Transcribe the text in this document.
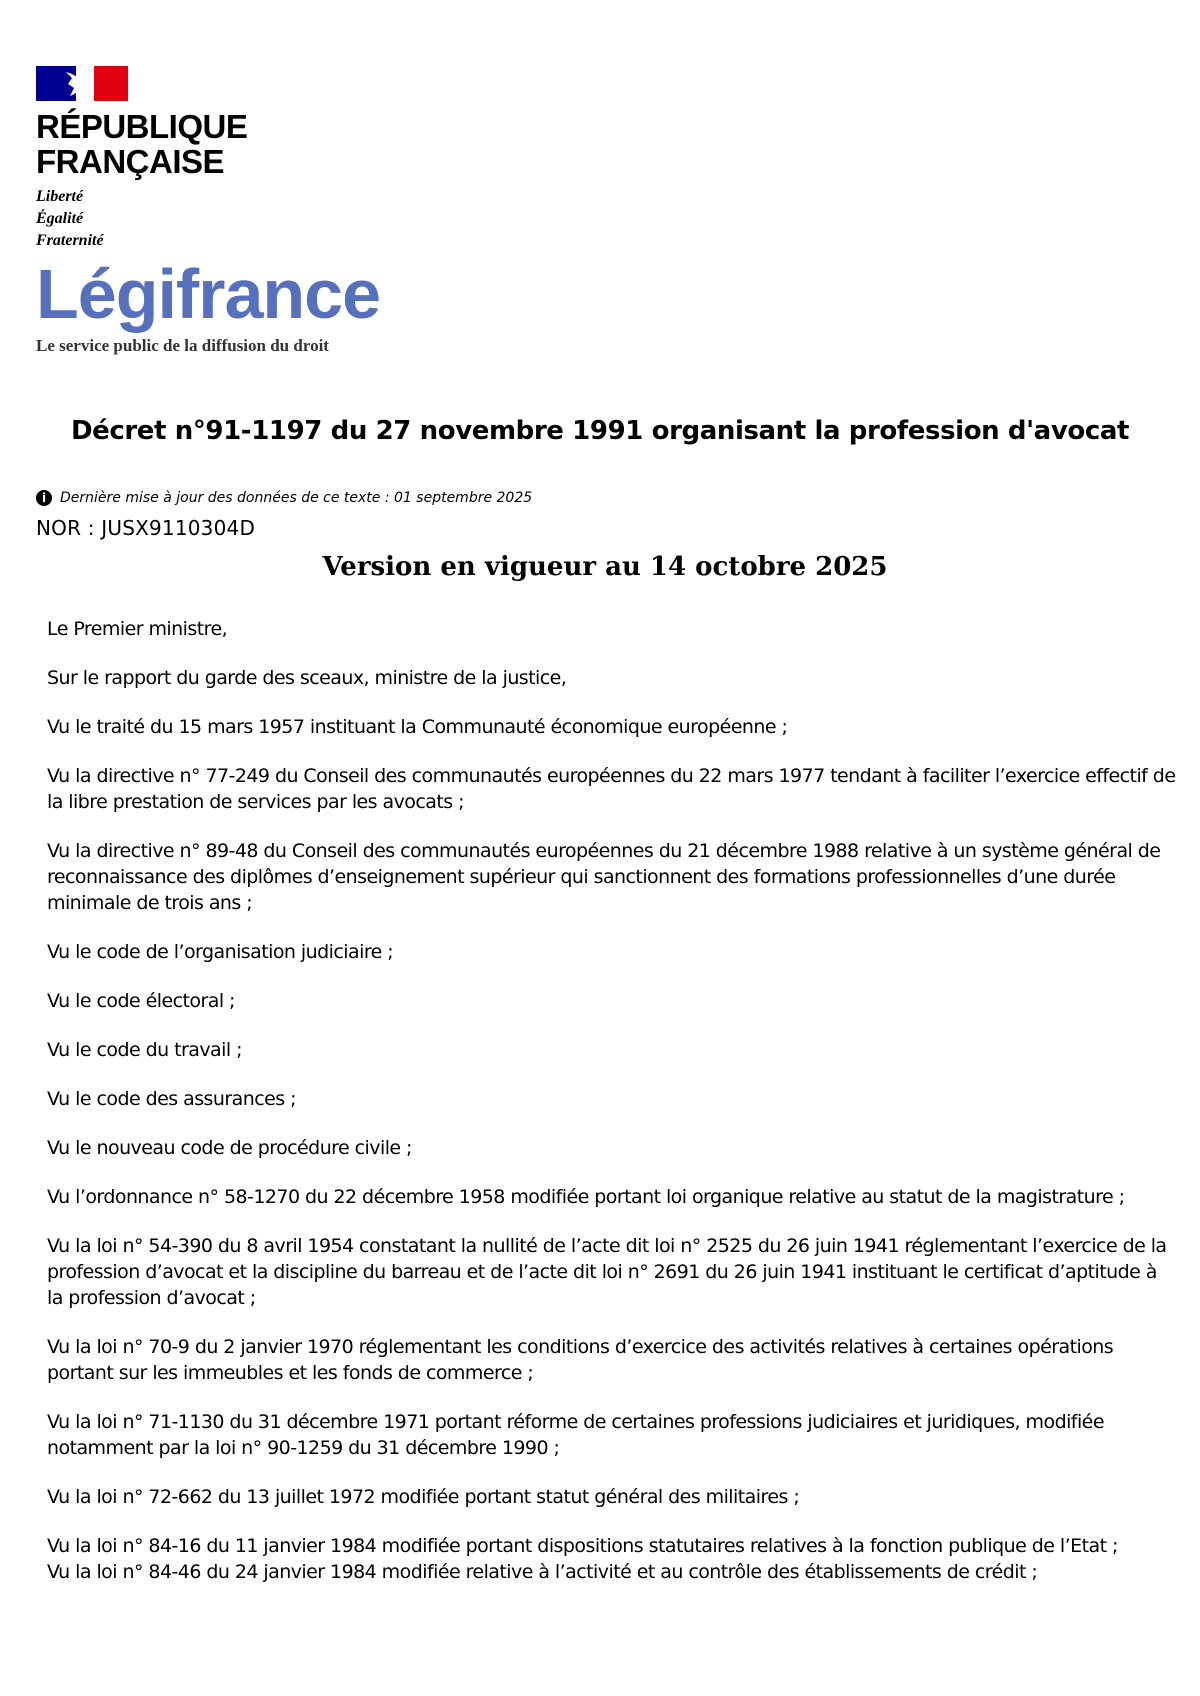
RÉPUBLIQUE
FRANÇAISE
Liberté
Égalité
Fraternité
Légifrance
Le service public de la diffusion du droit
Décret n°91-1197 du 27 novembre 1991 organisant la profession d'avocat
i Dernière mise à jour des données de ce texte : 01 septembre 2025
NOR : JUSX9110304D
Version en vigueur au 14 octobre 2025

Le Premier ministre,

Sur le rapport du garde des sceaux, ministre de la justice,

Vu le traité du 15 mars 1957 instituant la Communauté économique européenne ;

Vu la directive n° 77-249 du Conseil des communautés européennes du 22 mars 1977 tendant à faciliter l’exercice effectif de la libre prestation de services par les avocats ;

Vu la directive n° 89-48 du Conseil des communautés européennes du 21 décembre 1988 relative à un système général de reconnaissance des diplômes d’enseignement supérieur qui sanctionnent des formations professionnelles d’une durée minimale de trois ans ;

Vu le code de l’organisation judiciaire ;

Vu le code électoral ;

Vu le code du travail ;

Vu le code des assurances ;

Vu le nouveau code de procédure civile ;

Vu l’ordonnance n° 58-1270 du 22 décembre 1958 modifiée portant loi organique relative au statut de la magistrature ;

Vu la loi n° 54-390 du 8 avril 1954 constatant la nullité de l’acte dit loi n° 2525 du 26 juin 1941 réglementant l’exercice de la profession d’avocat et la discipline du barreau et de l’acte dit loi n° 2691 du 26 juin 1941 instituant le certificat d’aptitude à la profession d’avocat ;

Vu la loi n° 70-9 du 2 janvier 1970 réglementant les conditions d’exercice des activités relatives à certaines opérations portant sur les immeubles et les fonds de commerce ;

Vu la loi n° 71-1130 du 31 décembre 1971 portant réforme de certaines professions judiciaires et juridiques, modifiée notamment par la loi n° 90-1259 du 31 décembre 1990 ;

Vu la loi n° 72-662 du 13 juillet 1972 modifiée portant statut général des militaires ;

Vu la loi n° 84-16 du 11 janvier 1984 modifiée portant dispositions statutaires relatives à la fonction publique de l’Etat ;

Vu la loi n° 84-46 du 24 janvier 1984 modifiée relative à l’activité et au contrôle des établissements de crédit ;
